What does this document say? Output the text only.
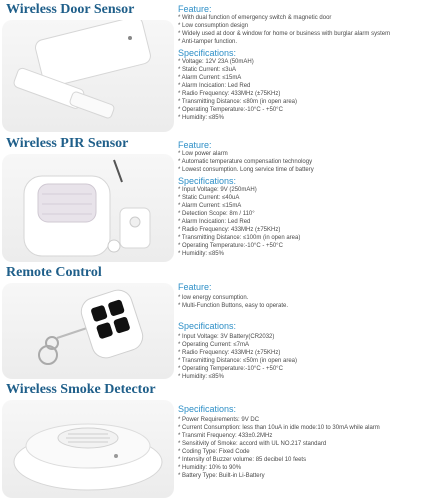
Wireless Door Sensor	Feature:
* With dual function of emergency switch & magnetic door
* Low consumption design
* Widely used at door & window for home or business with burglar alarm system
* Anti-tamper function.
Specifications:
* Voltage: 12V 23A (50mAH)
* Static Current: ≤3uA
* Alarm Current: ≤15mA
* Alarm Incication: Led Red
* Radio Frequency: 433MHz (±75KHz)
* Transmitting Distance: ≤80m (in open area)
* Operating Temperature:-10°C - +50°C
* Humidity: ≤85%
Wireless PIR Sensor	Feature:
* Low power alarm
* Automatic temperature compensation technology
* Lowest consumption. Long service time of battery
Specifications:
* Input Voltage: 9V (250mAH)
* Static Current: ≤40uA
* Alarm Current: ≤15mA
* Detection Scope: 8m / 110°
* Alarm Incication: Led Red
* Radio Frequency: 433MHz (±75KHz)
* Transmitting Distance: ≤100m (in open area)
* Operating Temperature:-10°C - +50°C
* Humidity: ≤85%
Remote Control
Feature:
* low energy consumption.
* Multi-Function Buttons, easy to operate.
Specifications:
* Input Voltage: 3V Battery(CR2032)
* Operating Current: ≤7mA
* Radio Frequency: 433MHz (±75KHz)
* Transmitting Distance: ≤50m (in open area)
* Operating Temperature:-10°C - +50°C
* Humidity: ≤85%
Wireless Smoke Detector
Specifications:
* Power Requirements: 9V DC
* Current Consumption: less than 10uA in idle mode:10 to 30mA while alarm
* Transmit Frequency: 433±0.2MHz
* Sensitivity of Smoke: accord with UL NO.217 standard
* Coding Type: Fixed Code
* Intensity of Buzzer volume: 85 decibel 10 feets
* Humidity: 10% to 90%
* Battery Type: Built-in Li-Battery
